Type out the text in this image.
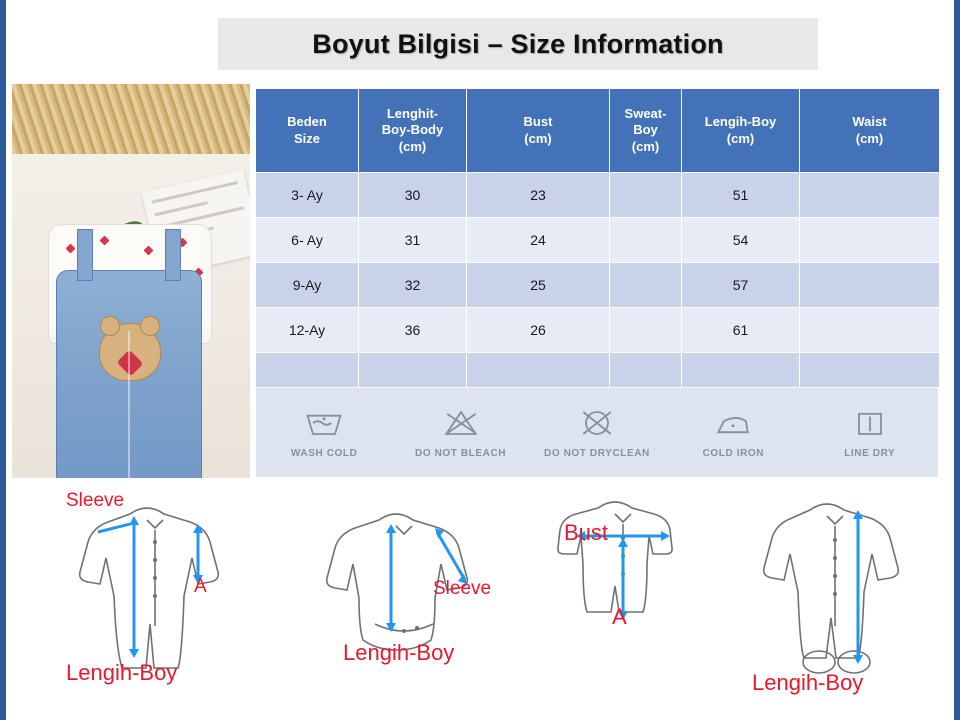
Boyut Bilgisi – Size Information
Beden
Size

Lenghit-
Boy-Body
(cm)

Bust
(cm)

Sweat-
Boy
(cm)

Lengih-Boy
(cm)

Waist
(cm)

3- Ay	30	23		51	
6- Ay	31	24		54	
9-Ay	32	25		57	
12-Ay	36	26		61	

WASH COLD	DO NOT BLEACH	DO NOT DRYCLEAN	COLD IRON	LINE DRY
Sleeve
A
Lengih-Boy
Sleeve
Lengih-Boy
Bust
A
Lengih-Boy
